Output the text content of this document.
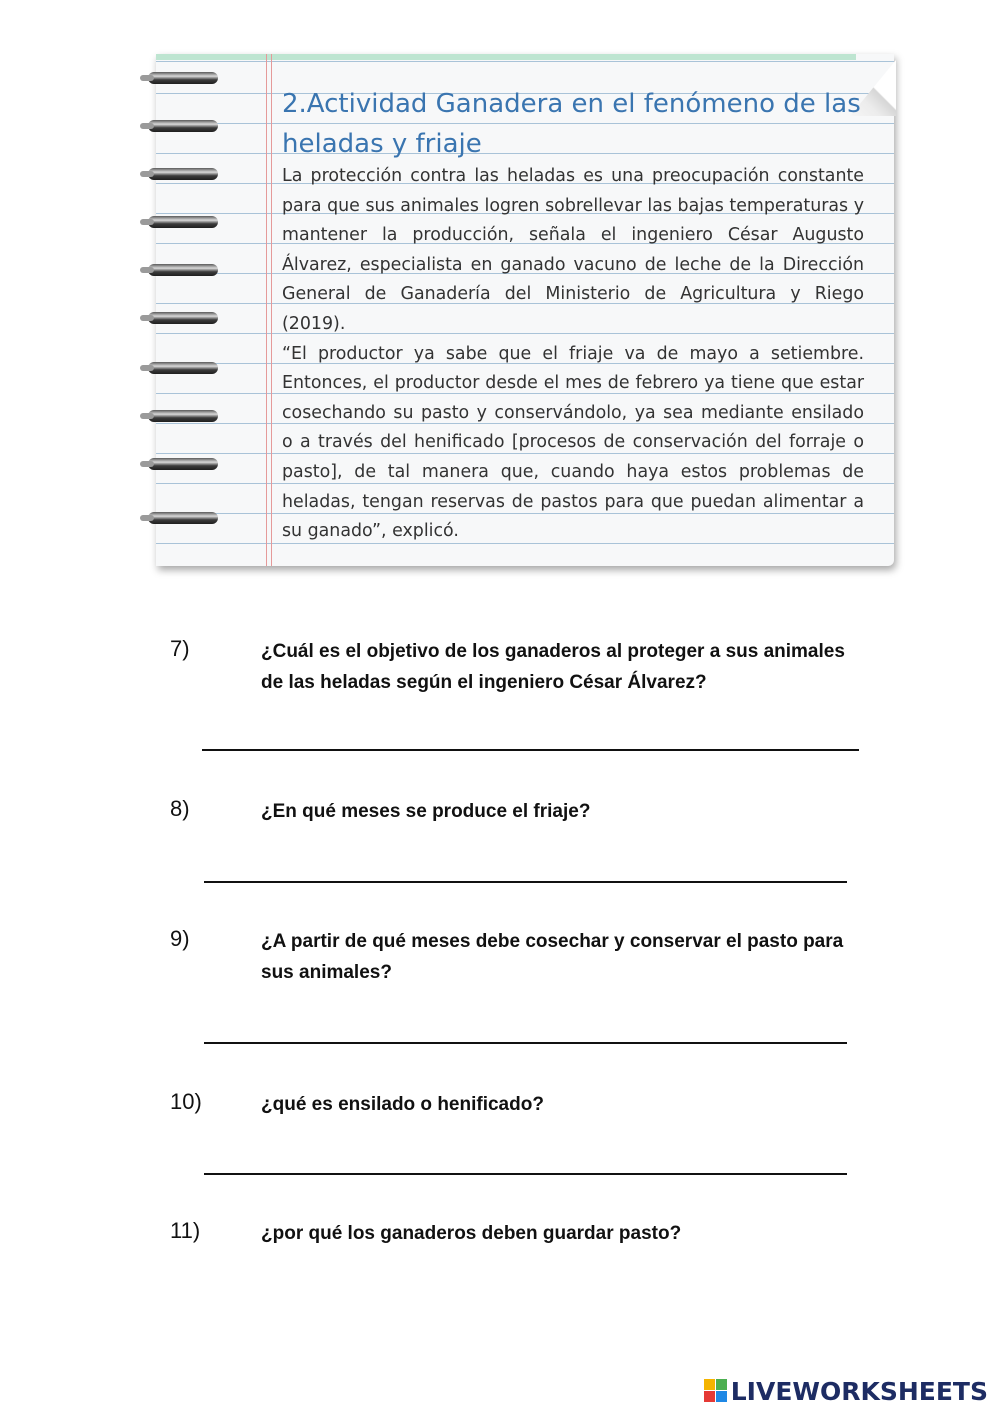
2.Actividad Ganadera en el fenómeno de las heladas y friaje

La protección contra las heladas es una preocupación constante para que sus animales logren sobrellevar las bajas temperaturas y mantener la producción, señala el ingeniero César Augusto Álvarez, especialista en ganado vacuno de leche de la Dirección General de Ganadería del Ministerio de Agricultura y Riego (2019).

“El productor ya sabe que el friaje va de mayo a setiembre. Entonces, el productor desde el mes de febrero ya tiene que estar cosechando su pasto y conservándolo, ya sea mediante ensilado o a través del henificado [procesos de conservación del forraje o pasto], de tal manera que, cuando haya estos problemas de heladas, tengan reservas de pastos para que puedan alimentar a su ganado”, explicó.

7)	¿Cuál es el objetivo de los ganaderos al proteger a sus animales de las heladas según el ingeniero César Álvarez?
8)	¿En qué meses se produce el friaje?
9)	¿A partir de qué meses debe cosechar y conservar el pasto para sus animales?
10)	¿qué es ensilado o henificado?
11)	¿por qué los ganaderos deben guardar pasto?
LIVEWORKSHEETS
